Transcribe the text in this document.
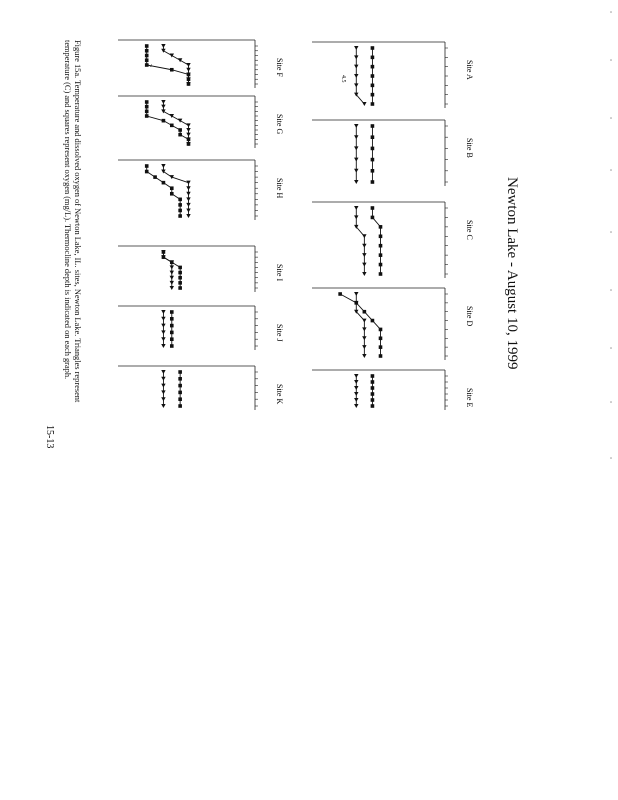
Site A
4.5
Site B
Site C
Site D
Site E
Site F
2
Site G
Site H
Site I
Site J
Site K
Newton Lake - August 10, 1999
Figure 15a. Temperature and dissolved oxygen of Newton Lake, IL. sites, Newton Lake. Triangles represent
temperature (C) and squares represent oxygen (mg/L). Thermocline depth is indicated on each graph.
15-13
